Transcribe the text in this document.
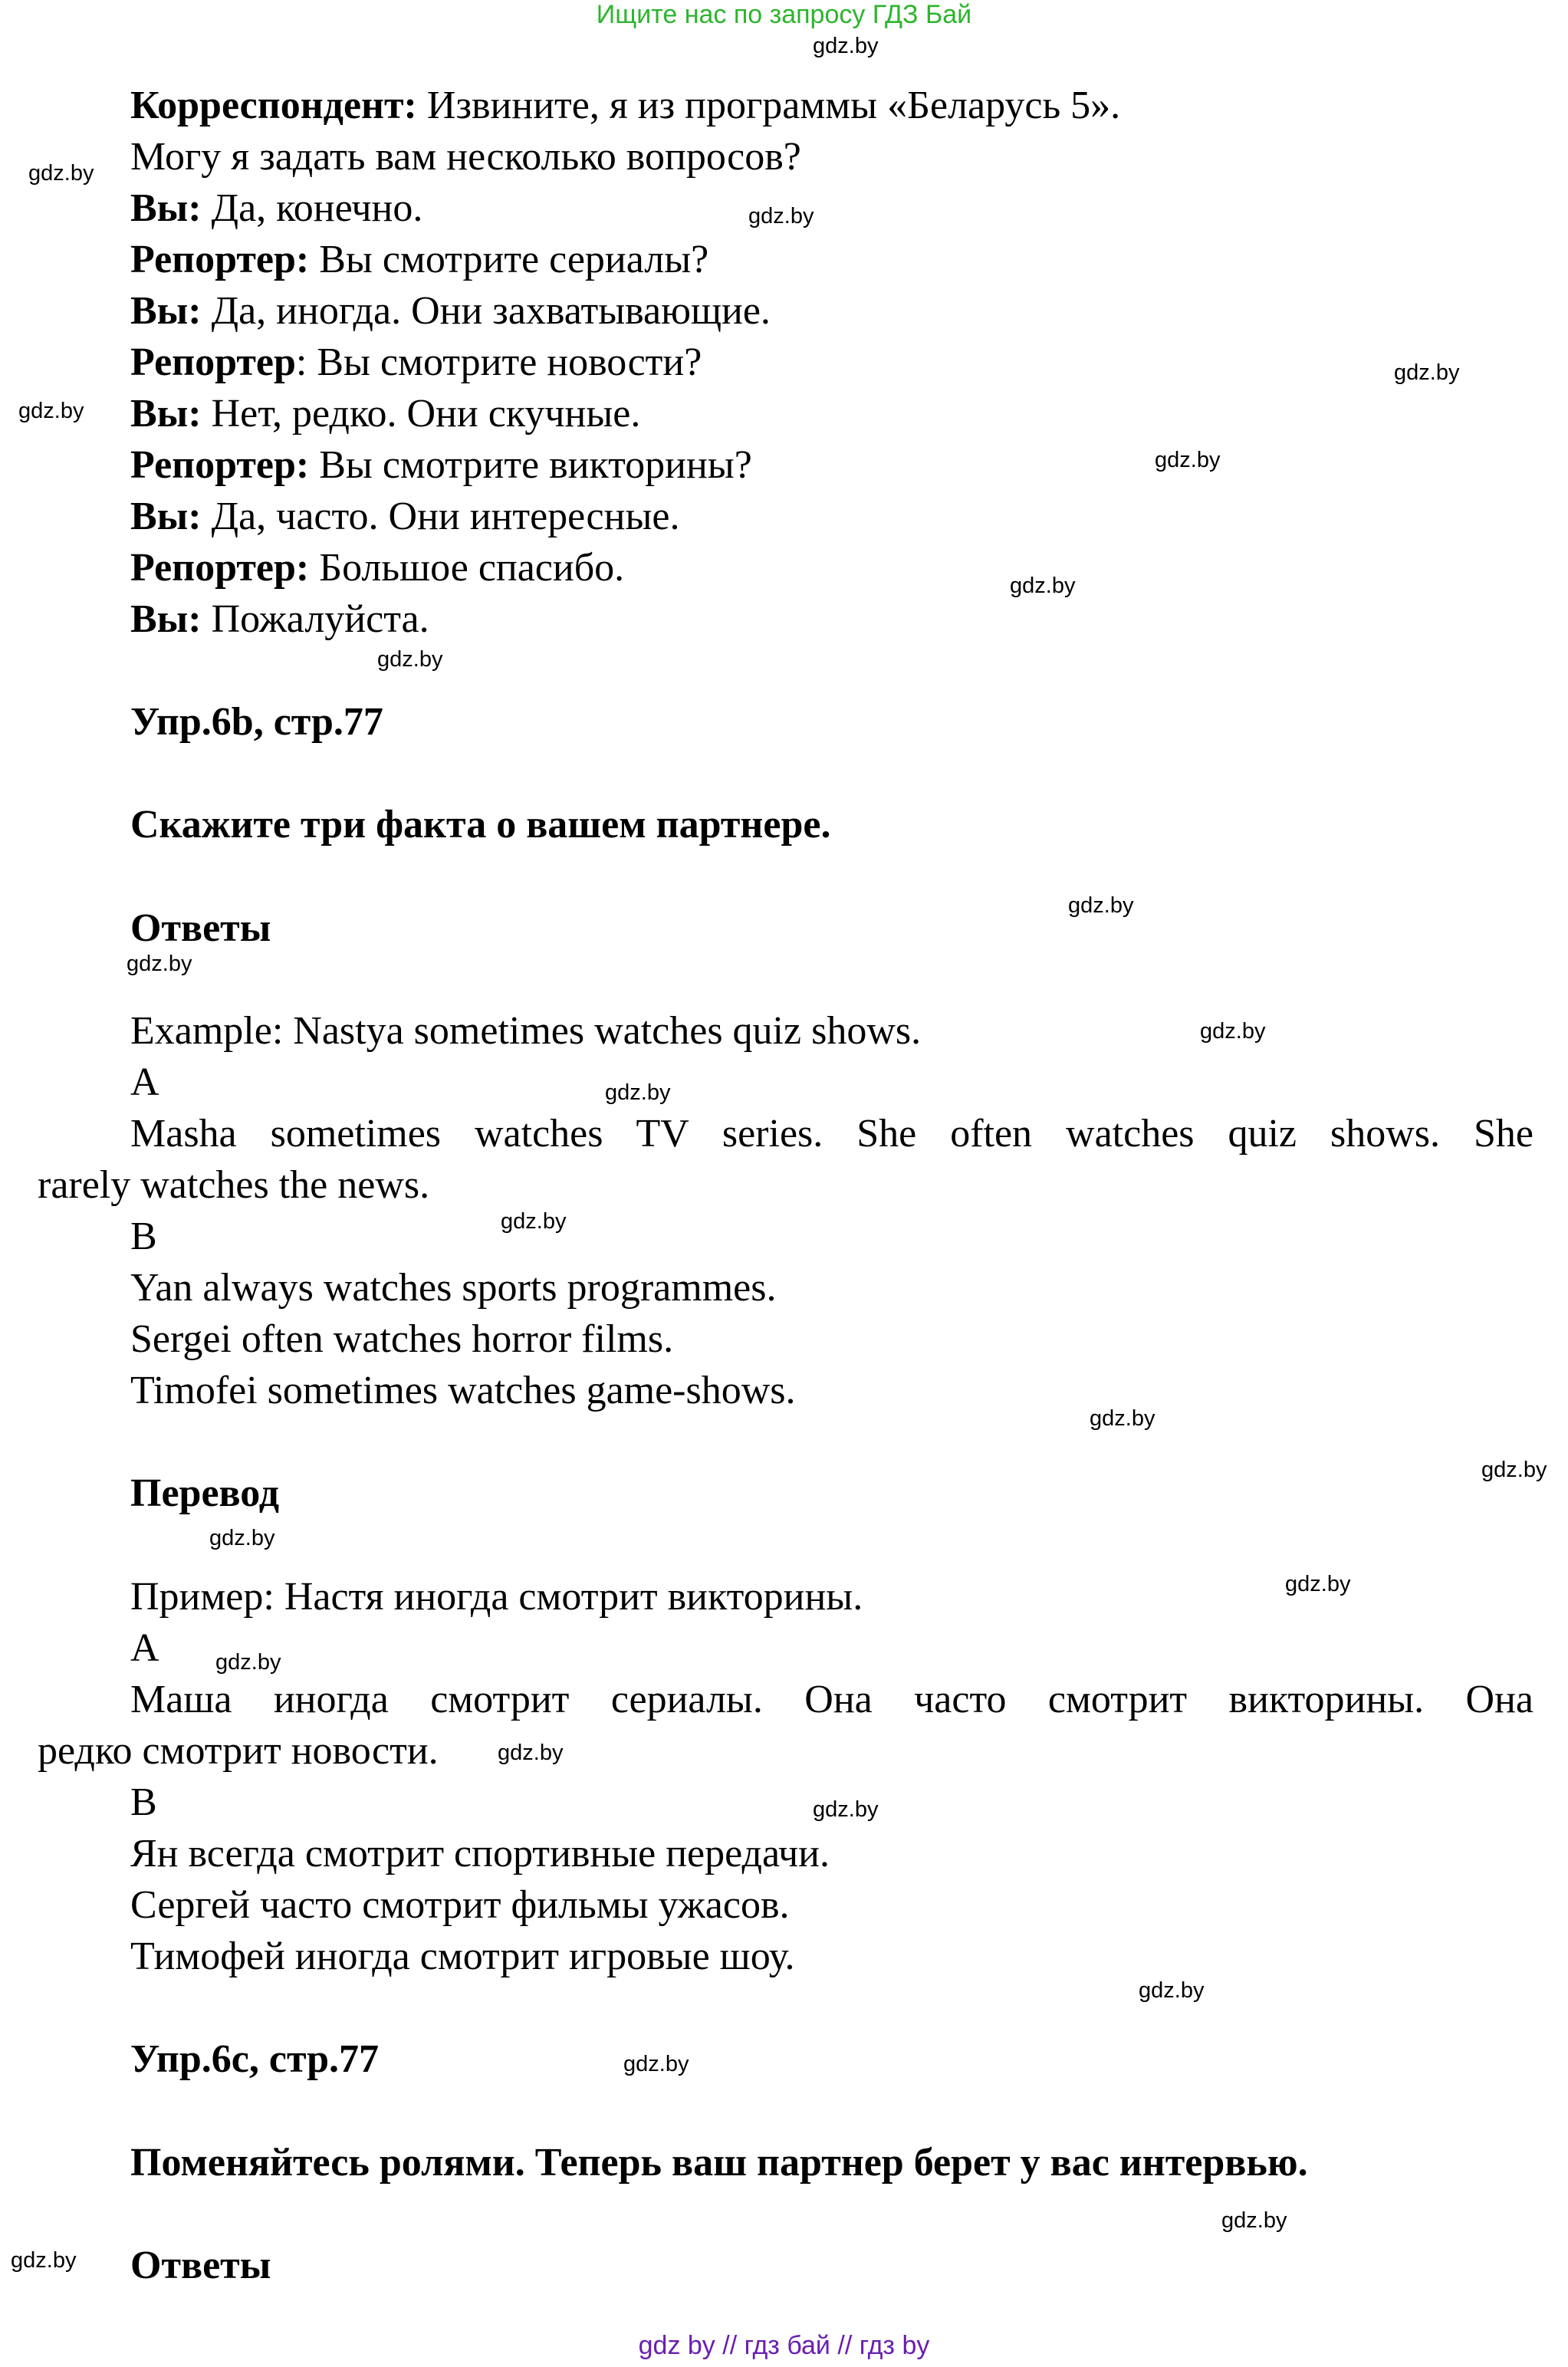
Ищите нас по запросу ГДЗ Бай
Корреспондент: Извините, я из программы «Беларусь 5».
Могу я задать вам несколько вопросов?
Вы: Да, конечно.
Репортер: Вы смотрите сериалы?
Вы: Да, иногда. Они захватывающие.
Репортер: Вы смотрите новости?
Вы: Нет, редко. Они скучные.
Репортер: Вы смотрите викторины?
Вы: Да, часто. Они интересные.
Репортер: Большое спасибо.
Вы: Пожалуйста.
Упр.6b, стр.77
Скажите три факта о вашем партнере.
Ответы
Example: Nastya sometimes watches quiz shows.
A
Masha sometimes watches TV series. She often watches quiz shows. She
rarely watches the news.
B
Yan always watches sports programmes.
Sergei often watches horror films.
Timofei sometimes watches game-shows.
Перевод
Пример: Настя иногда смотрит викторины.
A
Маша иногда смотрит сериалы. Она часто смотрит викторины. Она
редко смотрит новости.
B
Ян всегда смотрит спортивные передачи.
Сергей часто смотрит фильмы ужасов.
Тимофей иногда смотрит игровые шоу.
Упр.6c, стр.77
Поменяйтесь ролями. Теперь ваш партнер берет у вас интервью.
Ответы
gdz.by
gdz.by
gdz.by
gdz.by
gdz.by
gdz.by
gdz.by
gdz.by
gdz.by
gdz.by
gdz.by
gdz.by
gdz.by
gdz.by
gdz.by
gdz.by
gdz.by
gdz.by
gdz.by
gdz.by
gdz.by
gdz.by
gdz.by
gdz.by
gdz by // гдз бай // гдз by
